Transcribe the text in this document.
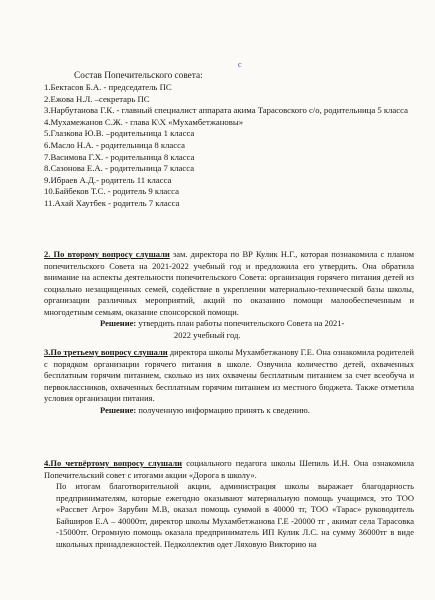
с
Состав Попечительского совета:
1.Бектасов Б.А. - председатель ПС
2.Ежова Н.Л. –секретарь ПС
3.Нарбутанова Г.К. - главный специалист аппарата акима Тарасовского с/о, родительница 5 класса
4.Мухамежанов С.Ж. - глава К\Х «Мухамбетжановы»
5.Глазкова Ю.В. –родительница 1 класса
6.Масло Н.А. - родительница 8 класса
7.Васимова Г.Х. - родительница 8 класса
8.Сазонова Е.А. - родительница 7 класса
9.Ибраев А.Д.- родитель 11 класса
10.Байбеков Т.С. - родитель 9 класса
11.Ахай Хаутбек - родитель 7 класса
2. По второму вопросу слушали зам. директора по ВР Кулик Н.Г., которая познакомила с планом попечительского Совета на 2021-2022 учебный год и предложила его утвердить. Она обратила внимание на аспекты деятельности попечительского Совета: организация горячего питания детей из социально незащищенных семей, содействие в укреплении материально-технической базы школы, организации различных мероприятий, акций по оказанию помощи малообеспеченным и многодетным семьям, оказание спонсорской помощи.
Решение: утвердить план работы попечительского Совета на 2021-
2022 учебный год.
3.По третьему вопросу слушали директора школы Мухамбетжанову Г.Е. Она ознакомила родителей с порядком организации горячего питания в школе. Озвучила количество детей, охваченных бесплатным горячим питанием, сколько из них охвачены бесплатным питанием за счет всеобуча и первоклассников, охваченных бесплатным горячим питанием из местного бюджета. Также отметила условия организации питания.
Решение: полученную информацию принять к сведению.
4.По четвёртому вопросу слушали социального педагога школы Шепиль И.Н. Она ознакомила Попечительский совет с итогами акции «Дорога в школу».
По итогам благотворительной акции, администрация школы выражает благодарность предпринимателям, которые ежегодно оказывают материальную помощь учащимся, это ТОО «Рассвет Агро» Зарубин М.В, оказал помощь суммой в 40000 тг, ТОО «Тарас» руководитель Байширов Е.А – 40000тг, директор школы Мухамбетжанова Г.Е -20000 тг , акимат села Тарасовка -15000тг. Огромную помощь оказала предприниматель ИП Кулик Л.С. на сумму 36000тг в виде школьных принадлежностей. Педколлектив одет Ляховую Викторию на
